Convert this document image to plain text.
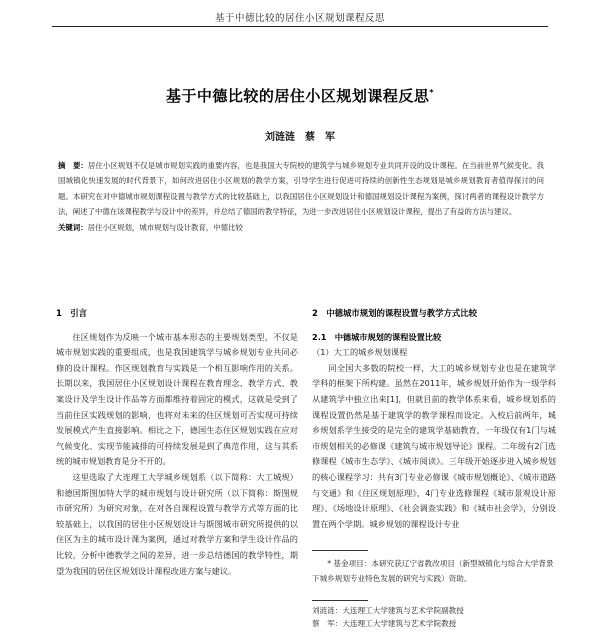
基于中德比较的居住小区规划课程反思
基于中德比较的居住小区规划课程反思*
刘涟涟　蔡　军
摘　要：居住小区规划不仅是城市规划实践的重要内容，也是我国大专院校的建筑学与城乡规划专业共同开设的设计课程。在当前世界气候变化、我国城镇化快速发展的时代背景下，如何改进居住小区规划的教学方案，引导学生进行促进可持续的创新性生态规划是城乡规划教育者值得探讨的问题。本研究在对中德城市规划课程设置与教学方式的比较基础上，以我国居住小区规划设计和德国规划设计课程为案例，探讨两者的课程设计教学方法，阐述了中德在该课程教学与设计中的差异，并总结了德国的教学特征，为进一步改进居住小区规划设计课程，提出了有益的方法与建议。
关键词：居住小区规划，城市规划与设计教育，中德比较
1　引言

住区规划作为反映一个城市基本形态的主要规划类型，不仅是城市规划实践的重要组成，也是我国建筑学与城乡规划专业共同必修的设计课程。作区规划教育与实践是一个相互影响作用的关系。长期以来，我国居住小区规划设计课程在教育理念、教学方式、教案设计及学生设计作品等方面都维持着固定的模式，这就是受到了当前住区实践规划的影响，也将对未来的住区规划可否实现可持续发展模式产生直接影响。相比之下，德国生态住区规划实践在应对气候变化、实现节能减排的可持续发展是到了典范作用，这与其系统的城市规划教育是分不开的。

这里选取了大连理工大学城乡规划系（以下简称：大工城规）和德国斯图加特大学的城市规划与设计研究所（以下简称：斯图规市研究所）为研究对象，在对各自课程设置与教学方式等方面的比较基础上，以我国的居住小区规划设计与斯图城市研究所提供的以住区为主的城市设计课为案例，通过对教学方案和学生设计作品的比较，分析中德教学之间的差异，进一步总结德国的教学特性，期望为我国的居住区规划设计课程改进方案与建议。

2　中德城市规划的课程设置与教学方式比较
2.1　中德城市规划的课程设置比较
（1）大工的城乡规划课程

同全国大多数的院校一样，大工的城乡规划专业也是在建筑学学科的框架下所构建。虽然在2011年，城乡规划开始作为一级学科从建筑学中独立出来[1]，但就目前的教学体系来看，城乡规划系的课程设置仍然是基于建筑学的教学课程而设定。入校后前两年，城乡规划系学生接受的是完全的建筑学基础教育，一年级仅有1门与城市规划相关的必修课《建筑与城市规划导论》课程。二年级有2门选修课程《城市生态学》、《城市阅读》。三年级开始逐步进入城乡规划的核心课程学习：共有3门专业必修课《城市规划概论》、《城市道路与交通》和《住区规划原理》，4门专业选修课程《城市景观设计原理》、《场地设计原理》、《社会调查实践》和《城市社会学》，分别设置在两个学期。城乡规划的课程设计专业

* 基金项目：本研究获辽宁省教改项目（新型城镇化与综合大学背景下城乡规划专业特色发展的研究与实践）资助。
刘涟涟：大连理工大学建筑与艺术学院副教授
蔡　军：大连理工大学建筑与艺术学院教授
